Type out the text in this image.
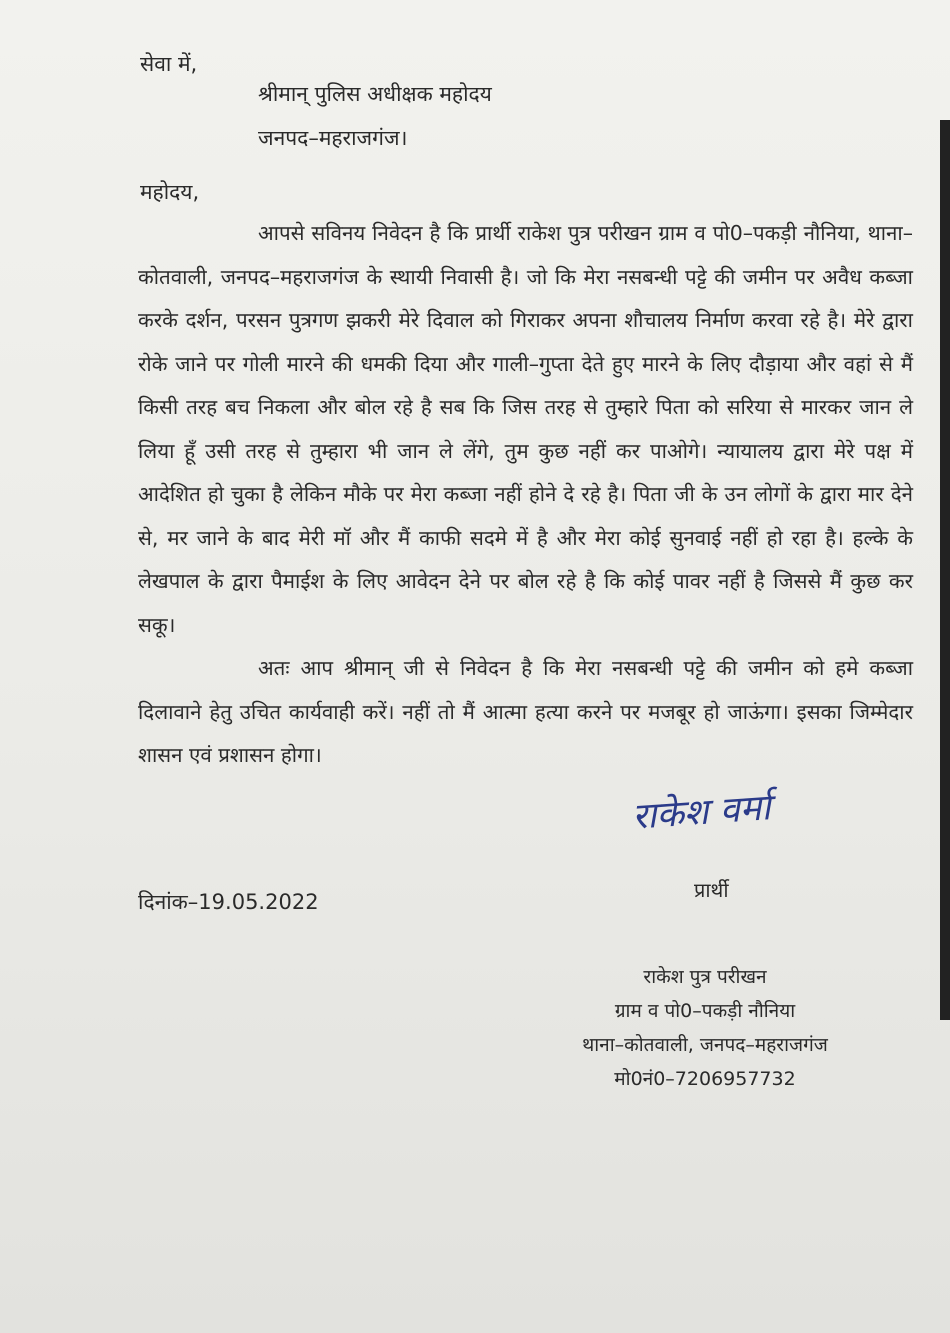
सेवा में,
श्रीमान् पुलिस अधीक्षक महोदय
जनपद–महराजगंज।
महोदय,

आपसे सविनय निवेदन है कि प्रार्थी राकेश पुत्र परीखन ग्राम व पो0–पकड़ी नौनिया, थाना–कोतवाली, जनपद–महराजगंज के स्थायी निवासी है। जो कि मेरा नसबन्धी पट्टे की जमीन पर अवैध कब्जा करके दर्शन, परसन पुत्रगण झकरी मेरे दिवाल को गिराकर अपना शौचालय निर्माण करवा रहे है। मेरे द्वारा रोके जाने पर गोली मारने की धमकी दिया और गाली–गुप्ता देते हुए मारने के लिए दौड़ाया और वहां से मैं किसी तरह बच निकला और बोल रहे है सब कि जिस तरह से तुम्हारे पिता को सरिया से मारकर जान ले लिया हूँ उसी तरह से तुम्हारा भी जान ले लेंगे, तुम कुछ नहीं कर पाओगे। न्यायालय द्वारा मेरे पक्ष में आदेशित हो चुका है लेकिन मौके पर मेरा कब्जा नहीं होने दे रहे है। पिता जी के उन लोगों के द्वारा मार देने से, मर जाने के बाद मेरी मॉ और मैं काफी सदमे में है और मेरा कोई सुनवाई नहीं हो रहा है। हल्के के लेखपाल के द्वारा पैमाईश के लिए आवेदन देने पर बोल रहे है कि कोई पावर नहीं है जिससे मैं कुछ कर सकू।

अतः आप श्रीमान् जी से निवेदन है कि मेरा नसबन्धी पट्टे की जमीन को हमे कब्जा दिलावाने हेतु उचित कार्यवाही करें। नहीं तो मैं आत्मा हत्या करने पर मजबूर हो जाऊंगा। इसका जिम्मेदार शासन एवं प्रशासन होगा।

राकेश वर्मा
प्रार्थी
दिनांक–19.05.2022
राकेश पुत्र परीखन
ग्राम व पो0–पकड़ी नौनिया
थाना–कोतवाली, जनपद–महराजगंज
मो0नं0–7206957732
